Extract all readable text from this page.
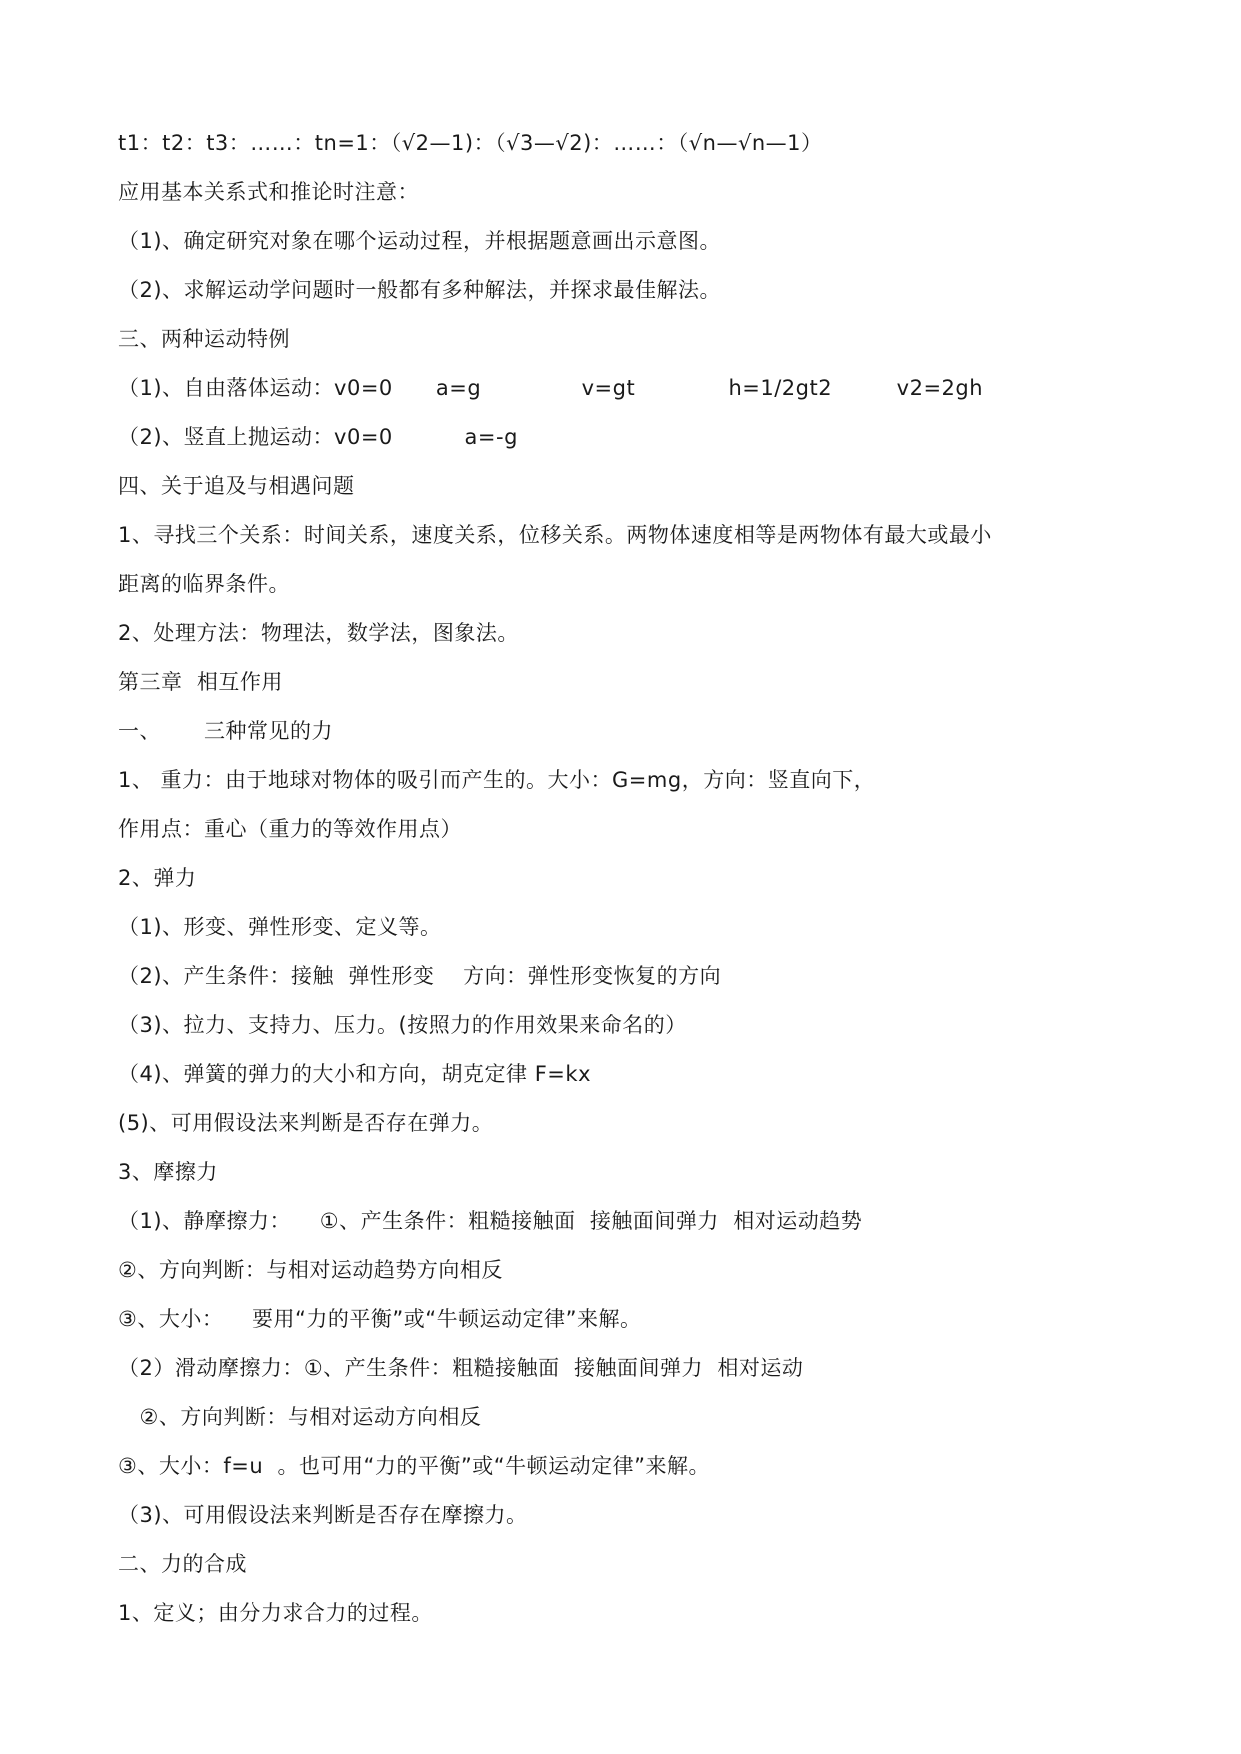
t1：t2：t3：……：tn=1：（√2—1)：（√3—√2)：……：（√n—√n—1）
应用基本关系式和推论时注意：
（1)、确定研究对象在哪个运动过程，并根据题意画出示意图。
（2)、求解运动学问题时一般都有多种解法，并探求最佳解法。
三、两种运动特例
（1)、自由落体运动：v0=0      a=g              v=gt             h=1/2gt2         v2=2gh
（2)、竖直上抛运动：v0=0          a=-g
四、关于追及与相遇问题
1、寻找三个关系：时间关系，速度关系，位移关系。两物体速度相等是两物体有最大或最小
距离的临界条件。
2、处理方法：物理法，数学法，图象法。
第三章  相互作用
一、      三种常见的力
1、 重力：由于地球对物体的吸引而产生的。大小：G=mg，方向：竖直向下，
作用点：重心（重力的等效作用点）
2、弹力
（1)、形变、弹性形变、定义等。
（2)、产生条件：接触  弹性形变    方向：弹性形变恢复的方向
（3)、拉力、支持力、压力。(按照力的作用效果来命名的）
（4)、弹簧的弹力的大小和方向，胡克定律 F=kx
(5)、可用假设法来判断是否存在弹力。
3、摩擦力
（1)、静摩擦力：    ①、产生条件：粗糙接触面  接触面间弹力  相对运动趋势
②、方向判断：与相对运动趋势方向相反
③、大小：    要用“力的平衡”或“牛顿运动定律”来解。
（2）滑动摩擦力：①、产生条件：粗糙接触面  接触面间弹力  相对运动
②、方向判断：与相对运动方向相反
③、大小：f=u  。也可用“力的平衡”或“牛顿运动定律”来解。
（3)、可用假设法来判断是否存在摩擦力。
二、力的合成
1、定义；由分力求合力的过程。
